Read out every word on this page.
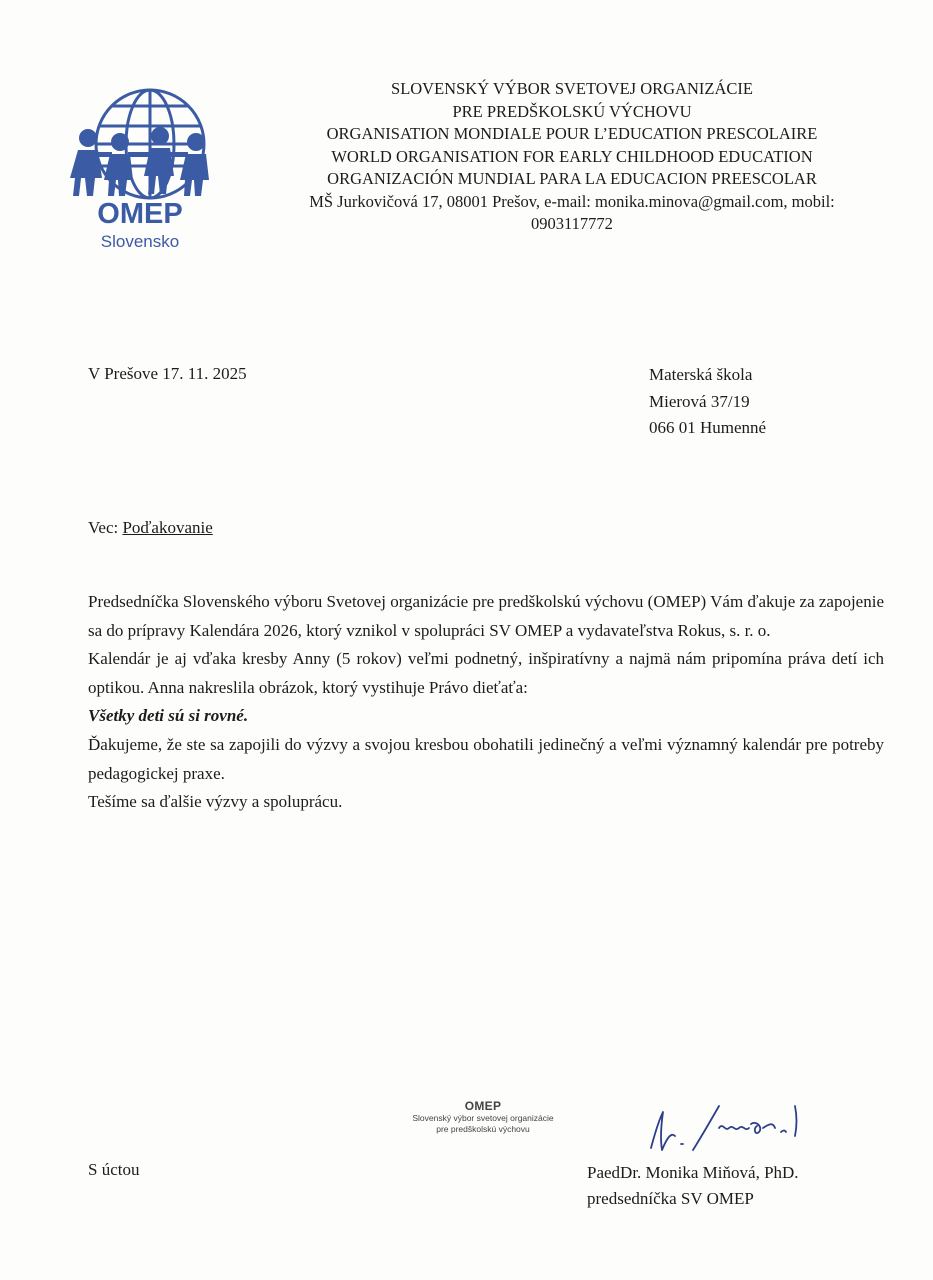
OMEP
Slovensko
SLOVENSKÝ VÝBOR SVETOVEJ ORGANIZÁCIE
PRE PREDŠKOLSKÚ VÝCHOVU
ORGANISATION MONDIALE POUR L’EDUCATION PRESCOLAIRE
WORLD ORGANISATION FOR EARLY CHILDHOOD EDUCATION
ORGANIZACIÓN MUNDIAL PARA LA EDUCACION PREESCOLAR
MŠ Jurkovičová 17, 08001 Prešov, e-mail: monika.minova@gmail.com, mobil:
0903117772
V Prešove 17. 11. 2025	Materská škola
Mierová 37/19
066 01 Humenné
Vec: Poďakovanie

Predsedníčka Slovenského výboru Svetovej organizácie pre predškolskú výchovu (OMEP) Vám ďakuje za zapojenie sa do prípravy Kalendára 2026, ktorý vznikol v spolupráci SV OMEP a vydavateľstva Rokus, s. r. o.

Kalendár je aj vďaka kresby Anny (5 rokov) veľmi podnetný, inšpiratívny a najmä nám pripomína práva detí ich optikou. Anna nakreslila obrázok, ktorý vystihuje Právo dieťaťa:

Všetky deti sú si rovné.

Ďakujeme, že ste sa zapojili do výzvy a svojou kresbou obohatili jedinečný a veľmi významný kalendár pre potreby pedagogickej praxe.

Tešíme sa ďalšie výzvy a spoluprácu.

OMEP
Slovenský výbor svetovej organizácie
pre predškolskú výchovu
S úctou	PaedDr. Monika Miňová, PhD.
predsedníčka SV OMEP
